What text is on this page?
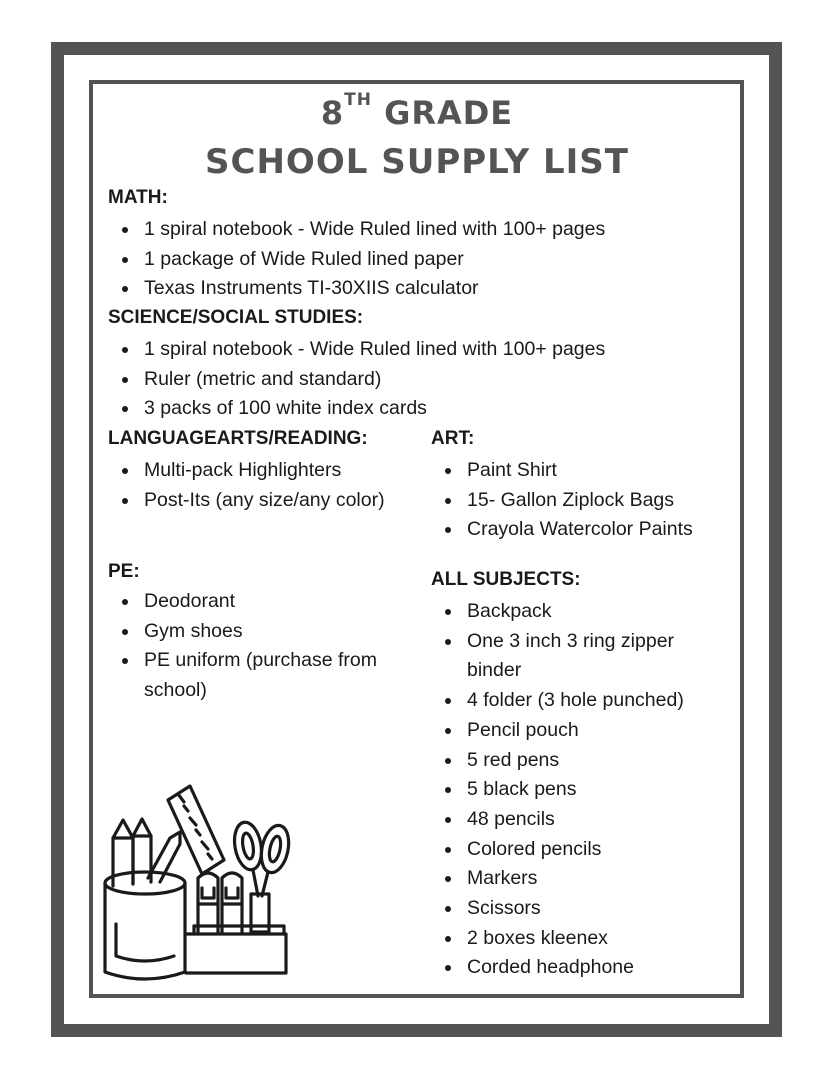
8TH GRADE
SCHOOL SUPPLY LIST
MATH:
1 spiral notebook - Wide Ruled lined with 100+ pages
1 package of Wide Ruled lined paper
Texas Instruments TI-30XIIS calculator
SCIENCE/SOCIAL STUDIES:
1 spiral notebook - Wide Ruled lined with 100+ pages
Ruler (metric and standard)
3 packs of 100 white index cards
LANGUAGEARTS/READING:
Multi-pack Highlighters
Post-Its (any size/any color)
ART:
Paint Shirt
15- Gallon Ziplock Bags
Crayola Watercolor Paints
PE:
Deodorant
Gym shoes
PE uniform (purchase from school)
ALL SUBJECTS:
Backpack
One 3 inch 3 ring zipper binder
4 folder (3 hole punched)
Pencil pouch
5 red pens
5 black pens
48 pencils
Colored pencils
Markers
Scissors
2 boxes kleenex
Corded headphone
